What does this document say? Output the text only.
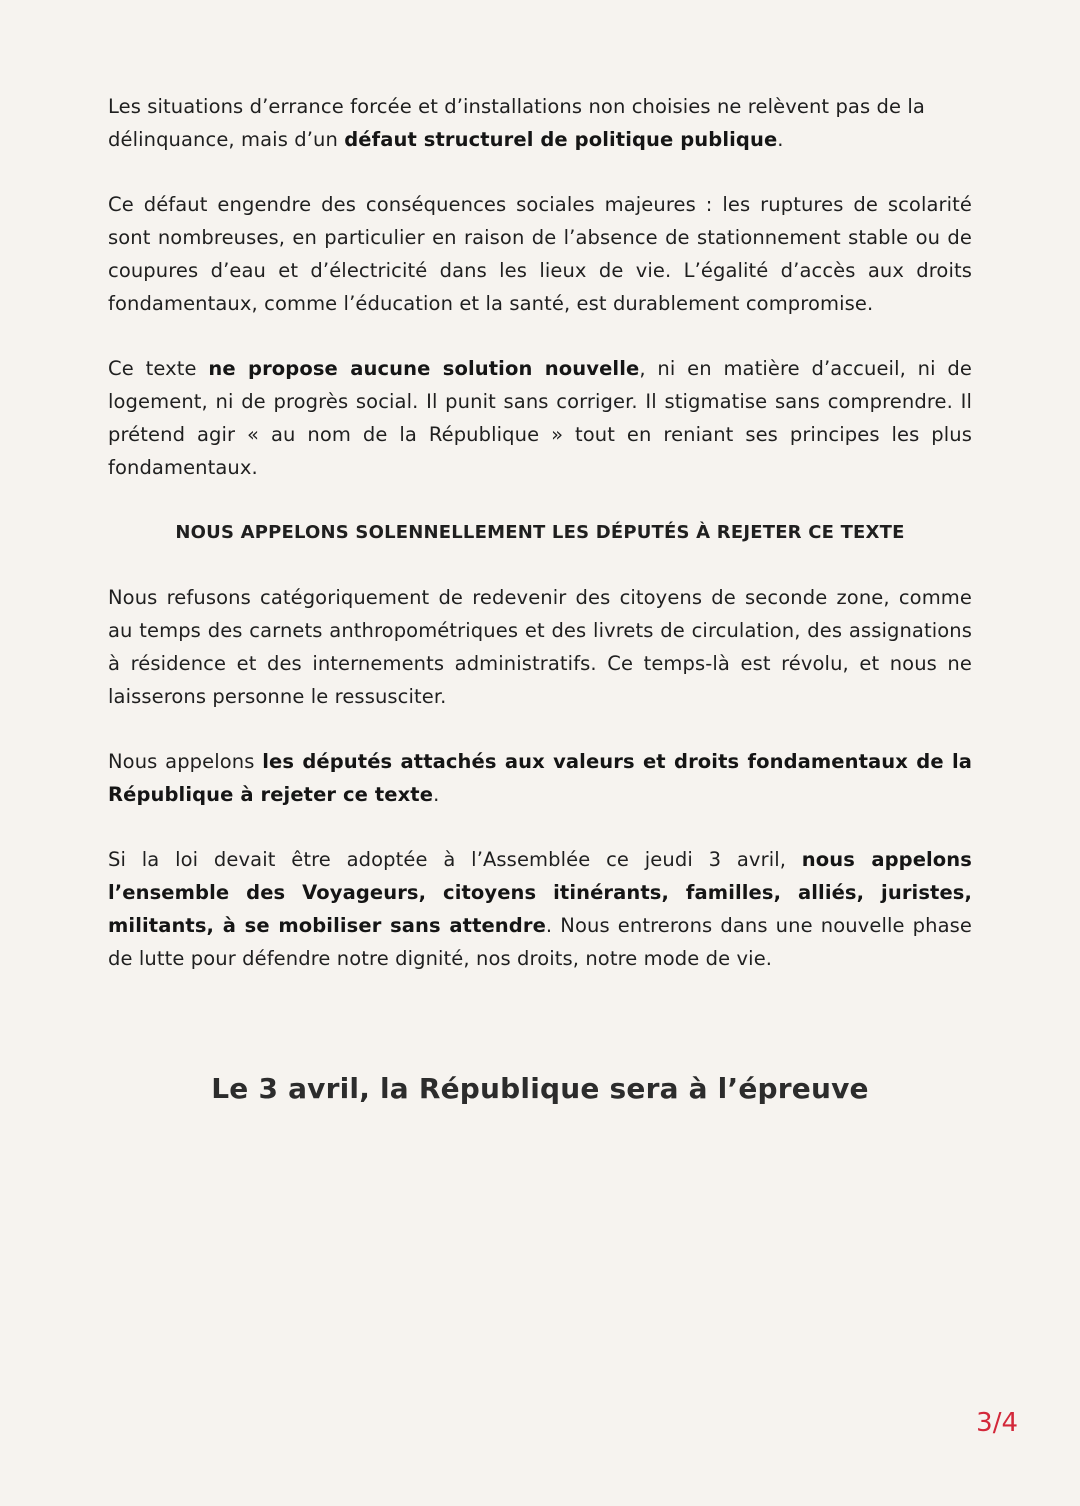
Les situations d’errance forcée et d’installations non choisies ne relèvent pas de la délinquance, mais d’un défaut structurel de politique publique.

Ce défaut engendre des conséquences sociales majeures : les ruptures de scolarité sont nombreuses, en particulier en raison de l’absence de stationnement stable ou de coupures d’eau et d’électricité dans les lieux de vie. L’égalité d’accès aux droits fondamentaux, comme l’éducation et la santé, est durablement compromise.

Ce texte ne propose aucune solution nouvelle, ni en matière d’accueil, ni de logement, ni de progrès social. Il punit sans corriger. Il stigmatise sans comprendre. Il prétend agir « au nom de la République » tout en reniant ses principes les plus fondamentaux.

NOUS APPELONS SOLENNELLEMENT LES DÉPUTÉS À REJETER CE TEXTE

Nous refusons catégoriquement de redevenir des citoyens de seconde zone, comme au temps des carnets anthropométriques et des livrets de circulation, des assignations à résidence et des internements administratifs. Ce temps-là est révolu, et nous ne laisserons personne le ressusciter.

Nous appelons les députés attachés aux valeurs et droits fondamentaux de la République à rejeter ce texte.

Si la loi devait être adoptée à l’Assemblée ce jeudi 3 avril, nous appelons l’ensemble des Voyageurs, citoyens itinérants, familles, alliés, juristes, militants, à se mobiliser sans attendre. Nous entrerons dans une nouvelle phase de lutte pour défendre notre dignité, nos droits, notre mode de vie.

Le 3 avril, la République sera à l’épreuve
3/4
